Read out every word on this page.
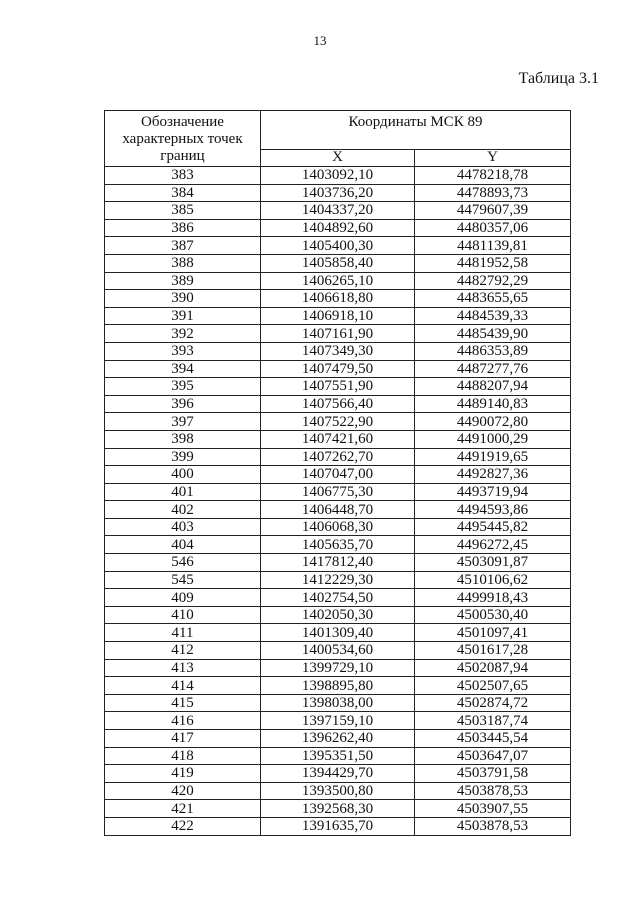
13
Таблица 3.1
Обозначение характерных точек границ	Координаты МСК 89	
	X	Y
383	1403092,10	4478218,78
384	1403736,20	4478893,73
385	1404337,20	4479607,39
386	1404892,60	4480357,06
387	1405400,30	4481139,81
388	1405858,40	4481952,58
389	1406265,10	4482792,29
390	1406618,80	4483655,65
391	1406918,10	4484539,33
392	1407161,90	4485439,90
393	1407349,30	4486353,89
394	1407479,50	4487277,76
395	1407551,90	4488207,94
396	1407566,40	4489140,83
397	1407522,90	4490072,80
398	1407421,60	4491000,29
399	1407262,70	4491919,65
400	1407047,00	4492827,36
401	1406775,30	4493719,94
402	1406448,70	4494593,86
403	1406068,30	4495445,82
404	1405635,70	4496272,45
546	1417812,40	4503091,87
545	1412229,30	4510106,62
409	1402754,50	4499918,43
410	1402050,30	4500530,40
411	1401309,40	4501097,41
412	1400534,60	4501617,28
413	1399729,10	4502087,94
414	1398895,80	4502507,65
415	1398038,00	4502874,72
416	1397159,10	4503187,74
417	1396262,40	4503445,54
418	1395351,50	4503647,07
419	1394429,70	4503791,58
420	1393500,80	4503878,53
421	1392568,30	4503907,55
422	1391635,70	4503878,53
